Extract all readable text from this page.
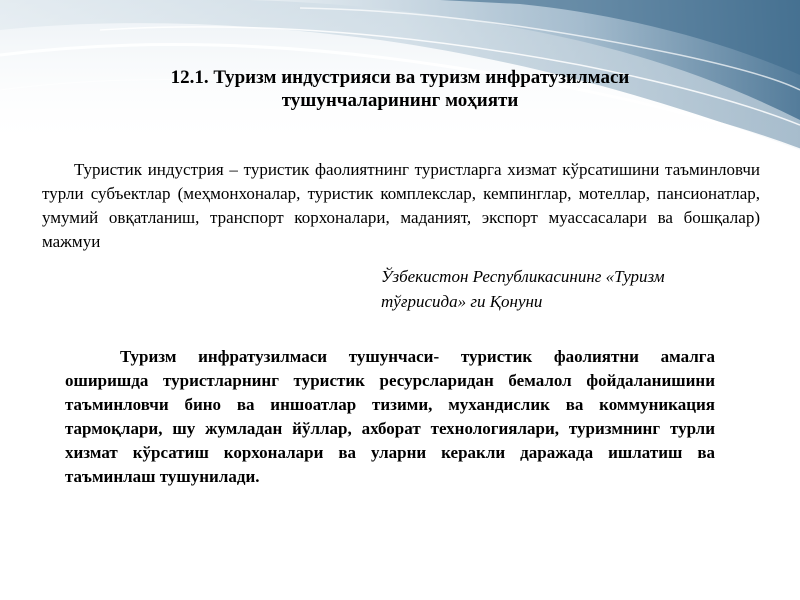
12.1. Туризм индустрияси ва туризм инфратузилмаси
тушунчаларининг моҳияти

Туристик индустрия – туристик фаолиятнинг туристларга хизмат кўрсатишини таъминловчи турли субъектлар (меҳмонхоналар, туристик комплекслар, кемпинглар, мотеллар, пансионатлар, умумий овқатланиш, транспорт корхоналари, маданият, экспорт муассасалари ва бошқалар) мажмуи

Ўзбекистон Республикасининг «Туризм
тўғрисида» ги Қонуни

Туризм инфратузилмаси тушунчаси- туристик фаолиятни амалга оширишда туристларнинг туристик ресурсларидан бемалол фойдаланишини таъминловчи бино ва иншоатлар тизими, мухандислик ва коммуникация тармоқлари, шу жумладан йўллар, ахборат технологиялари, туризмнинг турли хизмат кўрсатиш корхоналари ва уларни керакли даражада ишлатиш ва таъминлаш тушунилади.
